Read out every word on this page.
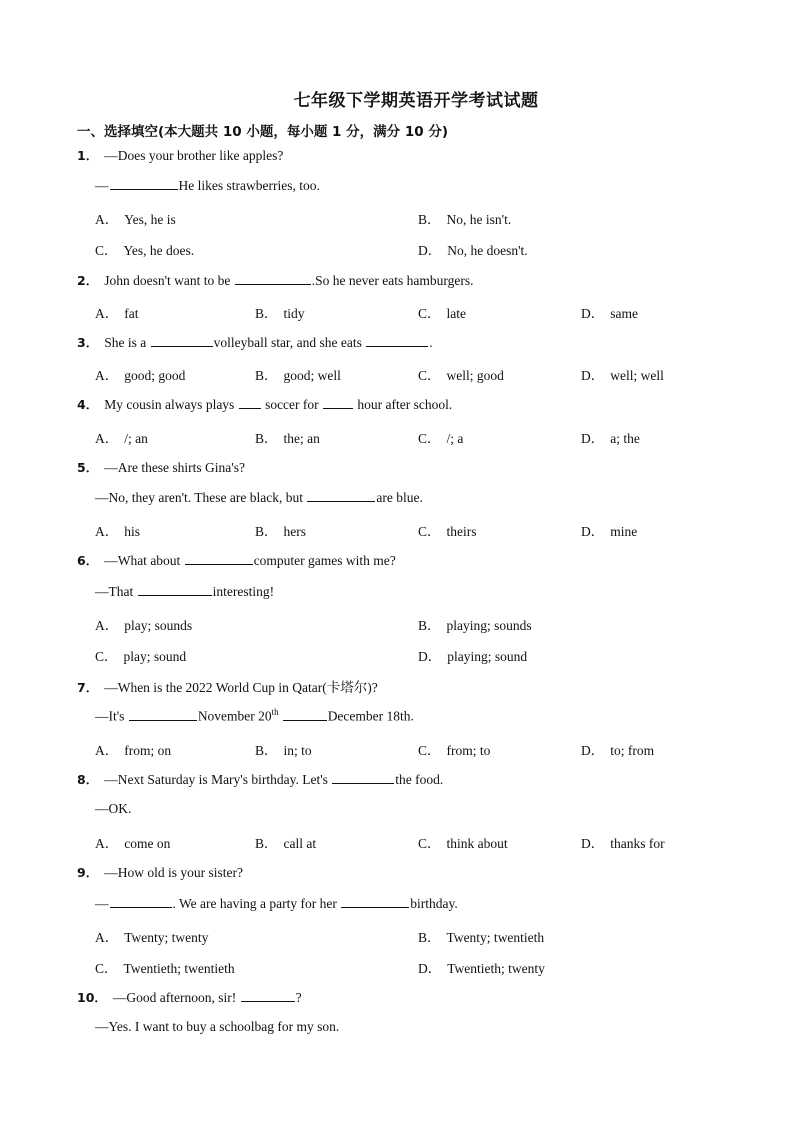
七年级下学期英语开学考试试题
一、选择填空(本大题共 10 小题，每小题 1 分，满分 10 分)
1． —Does your brother like apples?
—	He likes strawberries, too.
A． Yes, he is	B． No, he isn't.
C． Yes, he does.	D． No, he doesn't.
2． John doesn't want to be	.So he never eats hamburgers.
A． fat	B． tidy	C． late	D． same
3． She is a	volleyball star, and she eats	.
A． good; good	B． good; well	C． well; good	D． well; well
4． My cousin always plays  soccer for  hour after school.
A． /; an	B． the; an	C． /; a	D． a; the
5． —Are these shirts Gina's?
—No, they aren't. These are black, but	are blue.
A． his	B． hers	C． theirs	D． mine
6． —What about	computer games with me?
—That	interesting!
A． play; sounds	B． playing; sounds
C． play; sound	D． playing; sound
7． —When is the 2022 World Cup in Qatar(卡塔尔)?
—It's	November 20th	December 18th.
A． from; on	B． in; to	C． from; to	D． to; from
8． —Next Saturday is Mary's birthday. Let's	the food.
—OK.
A． come on	B． call at	C． think about	D． thanks for
9． —How old is your sister?
—	. We are having a party for her	birthday.
A． Twenty; twenty	B． Twenty; twentieth
C． Twentieth; twentieth	D． Twentieth; twenty
10． —Good afternoon, sir!	?
—Yes. I want to buy a schoolbag for my son.
